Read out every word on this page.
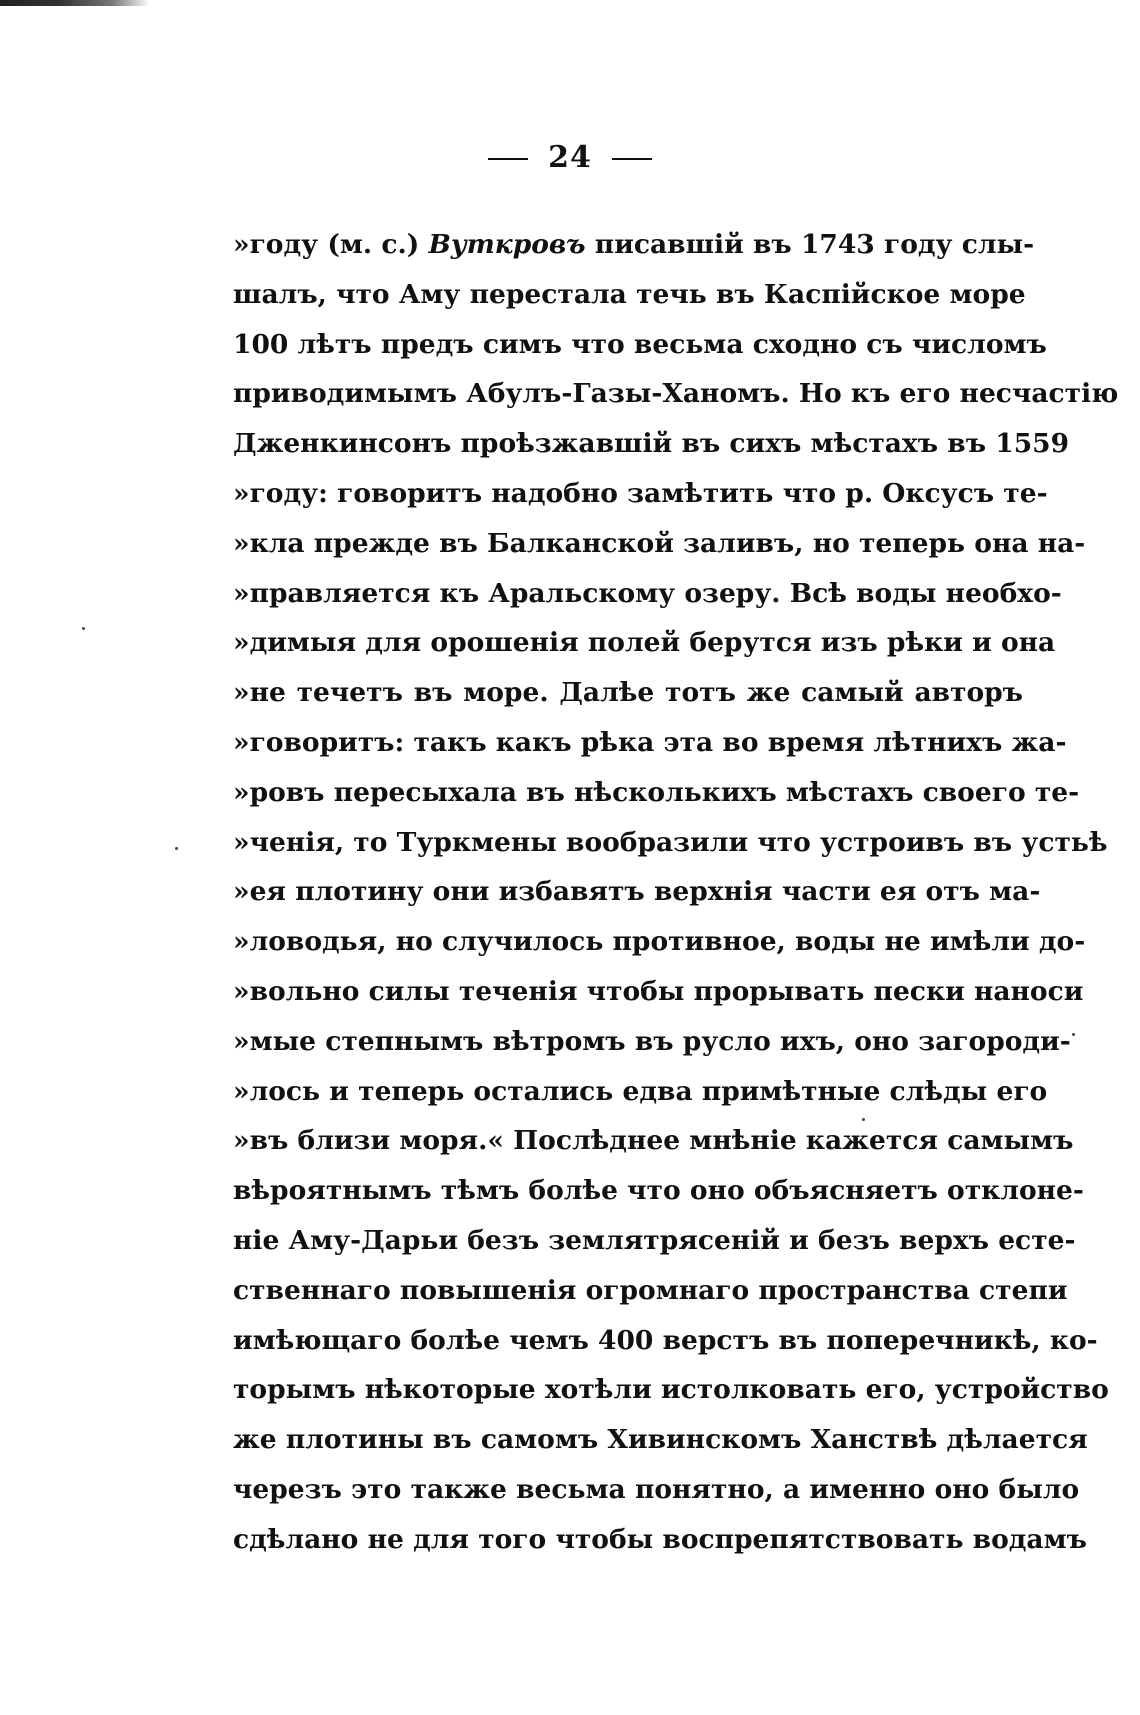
24
»году (м. с.) Вуткровъ писавшій въ 1743 году слы-
шалъ, что Аму перестала течь въ Каспійское море
100 лѣтъ предъ симъ что весьма сходно съ числомъ
приводимымъ Абулъ-Газы-Ханомъ. Но къ его несчастію
Дженкинсонъ проѣзжавшій въ сихъ мѣстахъ въ 1559
»году: говоритъ надобно замѣтить что р. Оксусъ те-
»кла прежде въ Балканской заливъ, но теперь она на-
»правляется къ Аральскому озеру. Всѣ воды необхо-
»димыя для орошенія полей берутся изъ рѣки и она
»не течетъ въ море. Далѣе тотъ же самый авторъ
»говоритъ: такъ какъ рѣка эта во время лѣтнихъ жа-
»ровъ пересыхала въ нѣсколькихъ мѣстахъ своего те-
»ченія, то Туркмены вообразили что устроивъ въ устьѣ
»ея плотину они избавятъ верхнія части ея отъ ма-
»ловодья, но случилось противное, воды не имѣли до-
»вольно силы теченія чтобы прорывать пески наноси
»мые степнымъ вѣтромъ въ русло ихъ, оно загороди-
»лось и теперь остались едва примѣтные слѣды его
»въ близи моря.« Послѣднее мнѣніе кажется самымъ
вѣроятнымъ тѣмъ болѣе что оно объясняетъ отклоне-
ніе Аму-Дарьи безъ землятрясеній и безъ верхъ есте-
ственнаго повышенія огромнаго пространства степи
имѣющаго болѣе чемъ 400 верстъ въ поперечникѣ, ко-
торымъ нѣкоторые хотѣли истолковать его, устройство
же плотины въ самомъ Хивинскомъ Ханствѣ дѣлается
черезъ это также весьма понятно, а именно оно было
сдѣлано не для того чтобы воспрепятствовать водамъ
